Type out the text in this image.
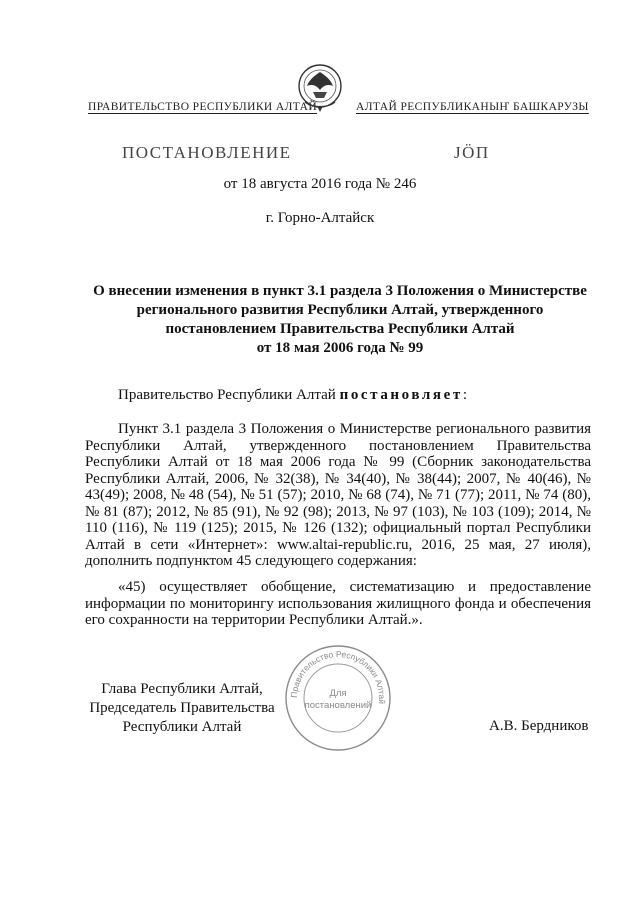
ПРАВИТЕЛЬСТВО РЕСПУБЛИКИ АЛТАЙ	АЛТАЙ РЕСПУБЛИКАНЫҤ БАШКАРУЗЫ
ПОСТАНОВЛЕНИЕ	ЈÖП
от 18 августа 2016 года № 246
г. Горно-Алтайск
О внесении изменения в пункт 3.1 раздела 3 Положения о Министерстве
регионального развития Республики Алтай, утвержденного
постановлением Правительства Республики Алтай
от 18 мая 2006 года № 99
Правительство Республики Алтай постановляет:
Пункт 3.1 раздела 3 Положения о Министерстве регионального развития Республики Алтай, утвержденного постановлением Правительства Республики Алтай от 18 мая 2006 года № 99 (Сборник законодательства Республики Алтай, 2006, № 32(38), № 34(40), № 38(44); 2007, № 40(46), № 43(49); 2008, № 48 (54), № 51 (57); 2010, № 68 (74), № 71 (77); 2011, № 74 (80), № 81 (87); 2012, № 85 (91), № 92 (98); 2013, № 97 (103), № 103 (109); 2014, № 110 (116), № 119 (125); 2015, № 126 (132); официальный портал Республики Алтай в сети «Интернет»: www.altai-republic.ru, 2016, 25 мая, 27 июля), дополнить подпунктом 45 следующего содержания:
«45) осуществляет обобщение, систематизацию и предоставление информации по мониторингу использования жилищного фонда и обеспечения его сохранности на территории Республики Алтай.».
Глава Республики Алтай,
Председатель Правительства
Республики Алтай	А.В. Бердников
Правительство Республики Алтай
Для
постановлений
